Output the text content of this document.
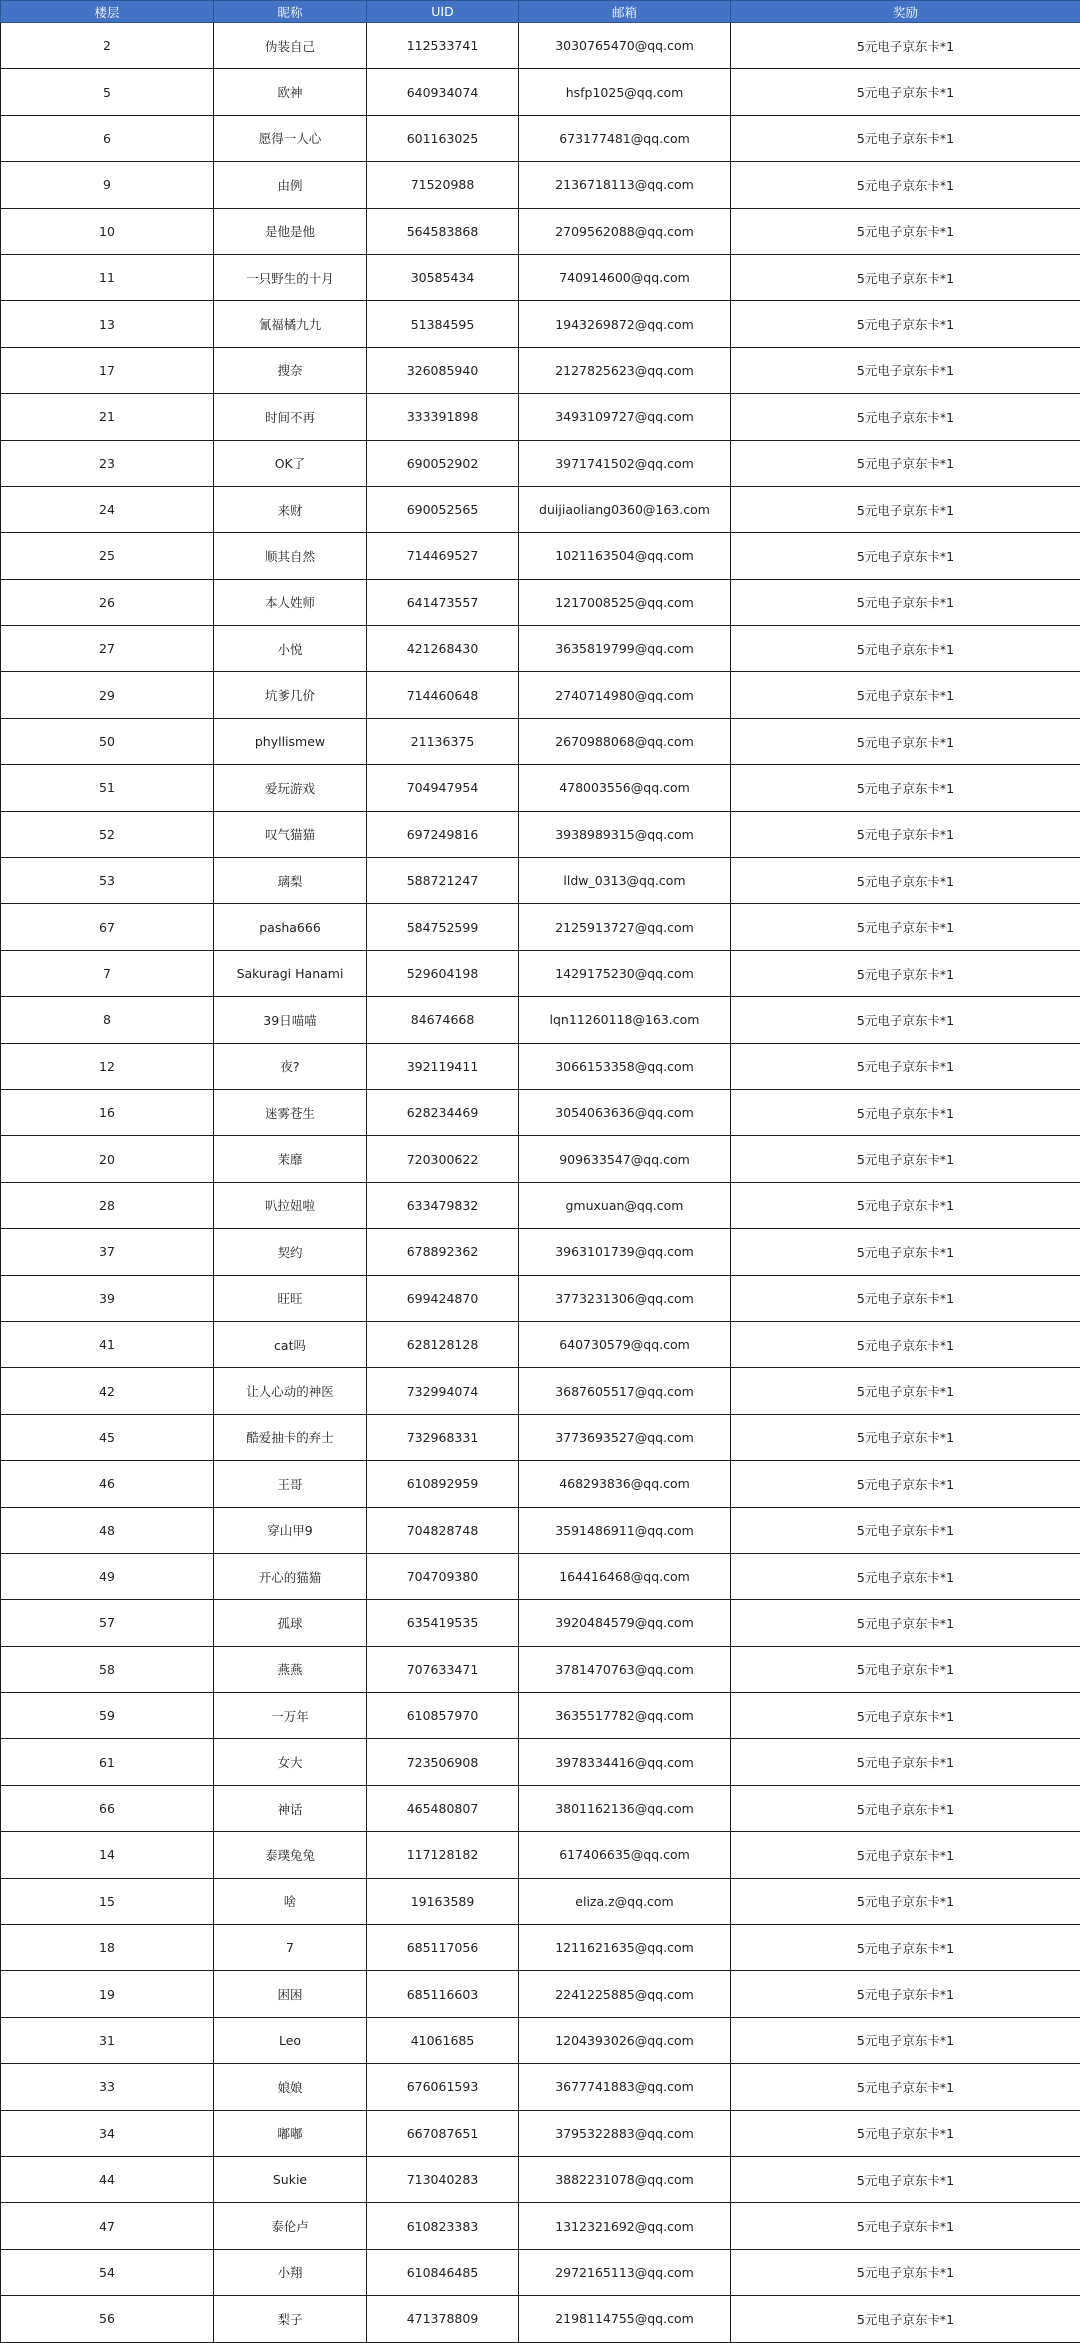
楼层	昵称	UID	邮箱	奖励
2	伪装自己	112533741	3030765470@qq.com	5元电子京东卡*1
5	欧神	640934074	hsfp1025@qq.com	5元电子京东卡*1
6	愿得一人心	601163025	673177481@qq.com	5元电子京东卡*1
9	由例	71520988	2136718113@qq.com	5元电子京东卡*1
10	是他是他	564583868	2709562088@qq.com	5元电子京东卡*1
11	一只野生的十月	30585434	740914600@qq.com	5元电子京东卡*1
13	氰福橘九九	51384595	1943269872@qq.com	5元电子京东卡*1
17	搜奈	326085940	2127825623@qq.com	5元电子京东卡*1
21	时间不再	333391898	3493109727@qq.com	5元电子京东卡*1
23	OK了	690052902	3971741502@qq.com	5元电子京东卡*1
24	来财	690052565	duijiaoliang0360@163.com	5元电子京东卡*1
25	顺其自然	714469527	1021163504@qq.com	5元电子京东卡*1
26	本人姓师	641473557	1217008525@qq.com	5元电子京东卡*1
27	小悦	421268430	3635819799@qq.com	5元电子京东卡*1
29	坑爹几价	714460648	2740714980@qq.com	5元电子京东卡*1
50	phyllismew	21136375	2670988068@qq.com	5元电子京东卡*1
51	爱玩游戏	704947954	478003556@qq.com	5元电子京东卡*1
52	叹气猫猫	697249816	3938989315@qq.com	5元电子京东卡*1
53	璃梨	588721247	lldw_0313@qq.com	5元电子京东卡*1
67	pasha666	584752599	2125913727@qq.com	5元电子京东卡*1
7	Sakuragi Hanami	529604198	1429175230@qq.com	5元电子京东卡*1
8	39日喵喵	84674668	lqn11260118@163.com	5元电子京东卡*1
12	夜?	392119411	3066153358@qq.com	5元电子京东卡*1
16	迷雾苍生	628234469	3054063636@qq.com	5元电子京东卡*1
20	茉靡	720300622	909633547@qq.com	5元电子京东卡*1
28	叭拉妞啦	633479832	gmuxuan@qq.com	5元电子京东卡*1
37	契约	678892362	3963101739@qq.com	5元电子京东卡*1
39	旺旺	699424870	3773231306@qq.com	5元电子京东卡*1
41	cat吗	628128128	640730579@qq.com	5元电子京东卡*1
42	让人心动的神医	732994074	3687605517@qq.com	5元电子京东卡*1
45	酷爱抽卡的弃士	732968331	3773693527@qq.com	5元电子京东卡*1
46	王哥	610892959	468293836@qq.com	5元电子京东卡*1
48	穿山甲9	704828748	3591486911@qq.com	5元电子京东卡*1
49	开心的猫猫	704709380	164416468@qq.com	5元电子京东卡*1
57	孤球	635419535	3920484579@qq.com	5元电子京东卡*1
58	燕燕	707633471	3781470763@qq.com	5元电子京东卡*1
59	一万年	610857970	3635517782@qq.com	5元电子京东卡*1
61	女大	723506908	3978334416@qq.com	5元电子京东卡*1
66	神话	465480807	3801162136@qq.com	5元电子京东卡*1
14	泰璞兔兔	117128182	617406635@qq.com	5元电子京东卡*1
15	啥	19163589	eliza.z@qq.com	5元电子京东卡*1
18	7	685117056	1211621635@qq.com	5元电子京东卡*1
19	困困	685116603	2241225885@qq.com	5元电子京东卡*1
31	Leo	41061685	1204393026@qq.com	5元电子京东卡*1
33	娘娘	676061593	3677741883@qq.com	5元电子京东卡*1
34	嘟嘟	667087651	3795322883@qq.com	5元电子京东卡*1
44	Sukie	713040283	3882231078@qq.com	5元电子京东卡*1
47	泰伦卢	610823383	1312321692@qq.com	5元电子京东卡*1
54	小翔	610846485	2972165113@qq.com	5元电子京东卡*1
56	梨子	471378809	2198114755@qq.com	5元电子京东卡*1
